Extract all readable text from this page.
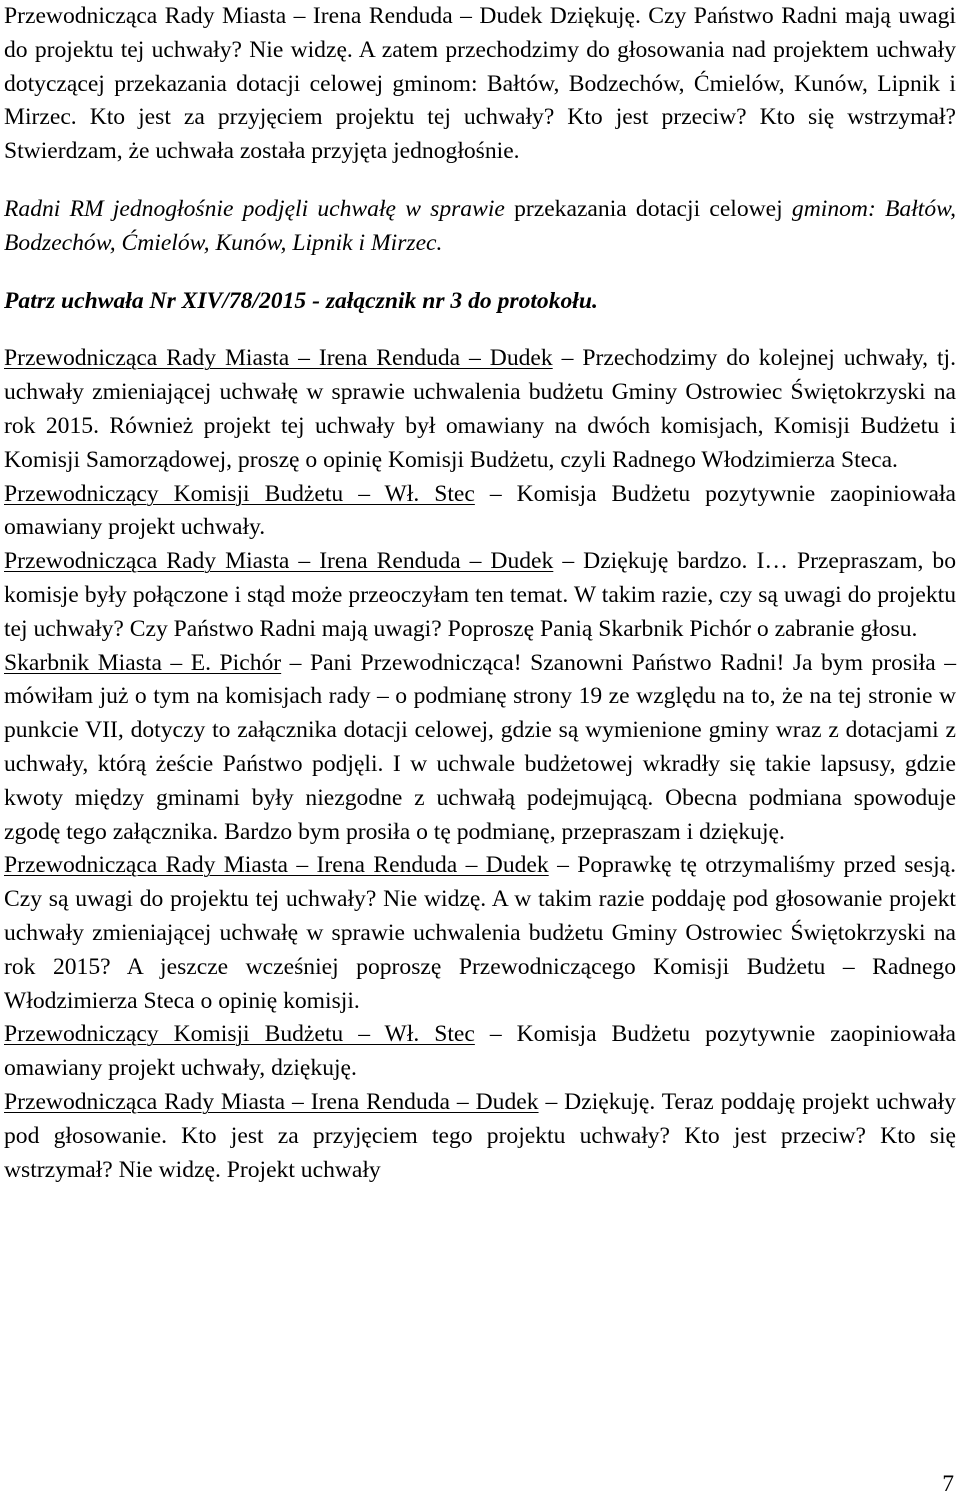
Przewodnicząca Rady Miasta – Irena Renduda – Dudek Dziękuję. Czy Państwo Radni mają uwagi do projektu tej uchwały? Nie widzę. A zatem przechodzimy do głosowania nad projektem uchwały dotyczącej przekazania dotacji celowej gminom: Bałtów, Bodzechów, Ćmielów, Kunów, Lipnik i Mirzec. Kto jest za przyjęciem projektu tej uchwały? Kto jest przeciw? Kto się wstrzymał? Stwierdzam, że uchwała została przyjęta jednogłośnie.

Radni RM jednogłośnie podjęli uchwałę w sprawie przekazania dotacji celowej gminom: Bałtów, Bodzechów, Ćmielów, Kunów, Lipnik i Mirzec.

Patrz uchwała Nr XIV/78/2015 - załącznik nr 3 do protokołu.

Przewodnicząca Rady Miasta – Irena Renduda – Dudek – Przechodzimy do kolejnej uchwały, tj. uchwały zmieniającej uchwałę w sprawie uchwalenia budżetu Gminy Ostrowiec Świętokrzyski na rok 2015. Również projekt tej uchwały był omawiany na dwóch komisjach, Komisji Budżetu i Komisji Samorządowej, proszę o opinię Komisji Budżetu, czyli Radnego Włodzimierza Steca.

Przewodniczący Komisji Budżetu – Wł. Stec – Komisja Budżetu pozytywnie zaopiniowała omawiany projekt uchwały.

Przewodnicząca Rady Miasta – Irena Renduda – Dudek – Dziękuję bardzo. I… Przepraszam, bo komisje były połączone i stąd może przeoczyłam ten temat. W takim razie, czy są uwagi do projektu tej uchwały? Czy Państwo Radni mają uwagi? Poproszę Panią Skarbnik Pichór o zabranie głosu.

Skarbnik Miasta – E. Pichór – Pani Przewodnicząca! Szanowni Państwo Radni! Ja bym prosiła – mówiłam już o tym na komisjach rady – o podmianę strony 19 ze względu na to, że na tej stronie w punkcie VII, dotyczy to załącznika dotacji celowej, gdzie są wymienione gminy wraz z dotacjami z uchwały, którą żeście Państwo podjęli. I w uchwale budżetowej wkradły się takie lapsusy, gdzie kwoty między gminami były niezgodne z uchwałą podejmującą. Obecna podmiana spowoduje zgodę tego załącznika. Bardzo bym prosiła o tę podmianę, przepraszam i dziękuję.

Przewodnicząca Rady Miasta – Irena Renduda – Dudek – Poprawkę tę otrzymaliśmy przed sesją. Czy są uwagi do projektu tej uchwały? Nie widzę. A w takim razie poddaję pod głosowanie projekt uchwały zmieniającej uchwałę w sprawie uchwalenia budżetu Gminy Ostrowiec Świętokrzyski na rok 2015? A jeszcze wcześniej poproszę Przewodniczącego Komisji Budżetu – Radnego Włodzimierza Steca o opinię komisji.

Przewodniczący Komisji Budżetu – Wł. Stec – Komisja Budżetu pozytywnie zaopiniowała omawiany projekt uchwały, dziękuję.

Przewodnicząca Rady Miasta – Irena Renduda – Dudek – Dziękuję. Teraz poddaję projekt uchwały pod głosowanie. Kto jest za przyjęciem tego projektu uchwały? Kto jest przeciw? Kto się wstrzymał? Nie widzę. Projekt uchwały

7
